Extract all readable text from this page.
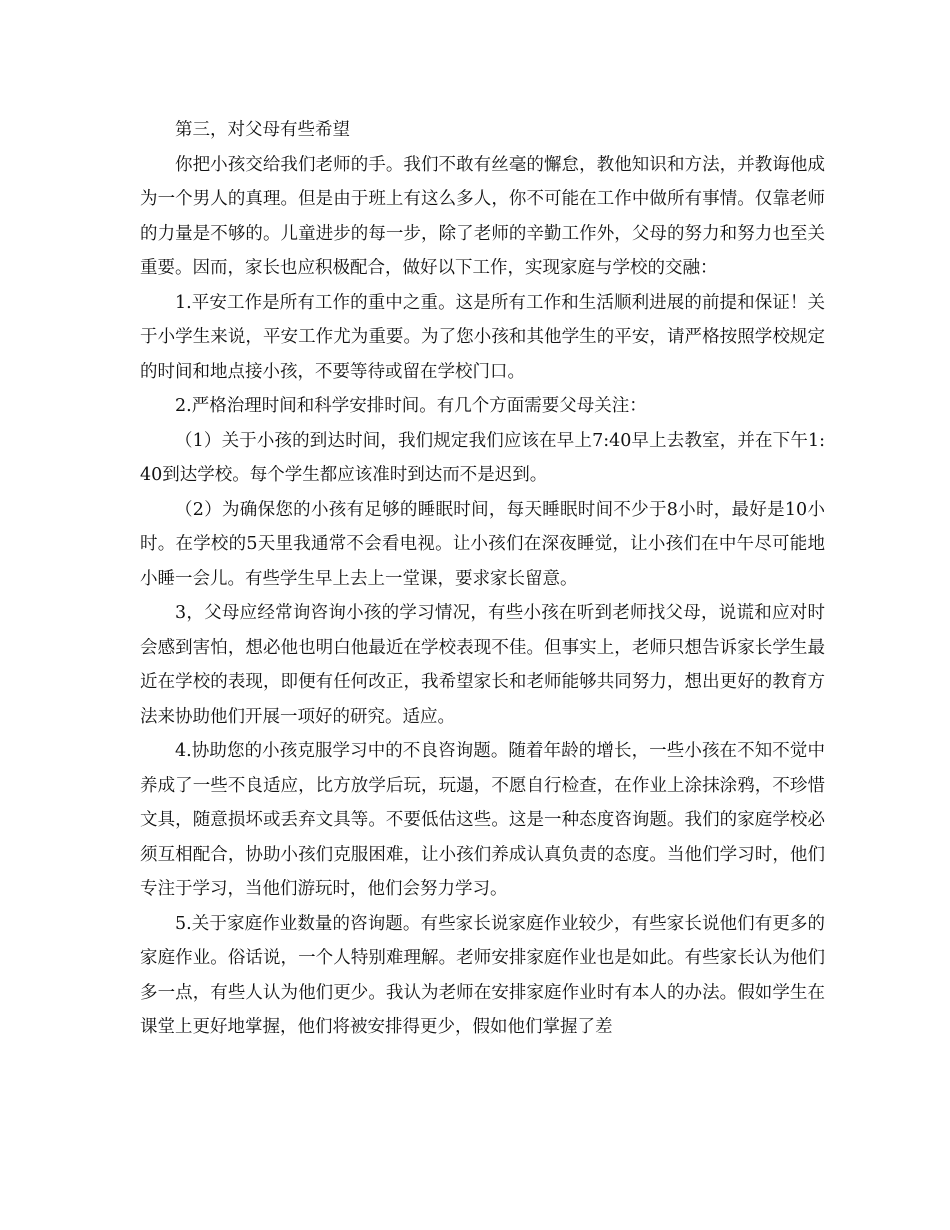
第三，对父母有些希望

你把小孩交给我们老师的手。我们不敢有丝毫的懈怠，教他知识和方法，并教诲他成为一个男人的真理。但是由于班上有这么多人，你不可能在工作中做所有事情。仅靠老师的力量是不够的。儿童进步的每一步，除了老师的辛勤工作外，父母的努力和努力也至关重要。因而，家长也应积极配合，做好以下工作，实现家庭与学校的交融：

1.平安工作是所有工作的重中之重。这是所有工作和生活顺利进展的前提和保证！关于小学生来说，平安工作尤为重要。为了您小孩和其他学生的平安，请严格按照学校规定的时间和地点接小孩，不要等待或留在学校门口。

2.严格治理时间和科学安排时间。有几个方面需要父母关注：

（1）关于小孩的到达时间，我们规定我们应该在早上7:40早上去教室，并在下午1:40到达学校。每个学生都应该准时到达而不是迟到。

（2）为确保您的小孩有足够的睡眠时间，每天睡眠时间不少于8小时，最好是10小时。在学校的5天里我通常不会看电视。让小孩们在深夜睡觉，让小孩们在中午尽可能地小睡一会儿。有些学生早上去上一堂课，要求家长留意。

3，父母应经常询咨询小孩的学习情况，有些小孩在听到老师找父母，说谎和应对时会感到害怕，想必他也明白他最近在学校表现不佳。但事实上，老师只想告诉家长学生最近在学校的表现，即便有任何改正，我希望家长和老师能够共同努力，想出更好的教育方法来协助他们开展一项好的研究。适应。

4.协助您的小孩克服学习中的不良咨询题。随着年龄的增长，一些小孩在不知不觉中养成了一些不良适应，比方放学后玩，玩遢，不愿自行检查，在作业上涂抹涂鸦，不珍惜文具，随意损坏或丢弃文具等。不要低估这些。这是一种态度咨询题。我们的家庭学校必须互相配合，协助小孩们克服困难，让小孩们养成认真负责的态度。当他们学习时，他们专注于学习，当他们游玩时，他们会努力学习。

5.关于家庭作业数量的咨询题。有些家长说家庭作业较少，有些家长说他们有更多的家庭作业。俗话说，一个人特别难理解。老师安排家庭作业也是如此。有些家长认为他们多一点，有些人认为他们更少。我认为老师在安排家庭作业时有本人的办法。假如学生在课堂上更好地掌握，他们将被安排得更少，假如他们掌握了差
